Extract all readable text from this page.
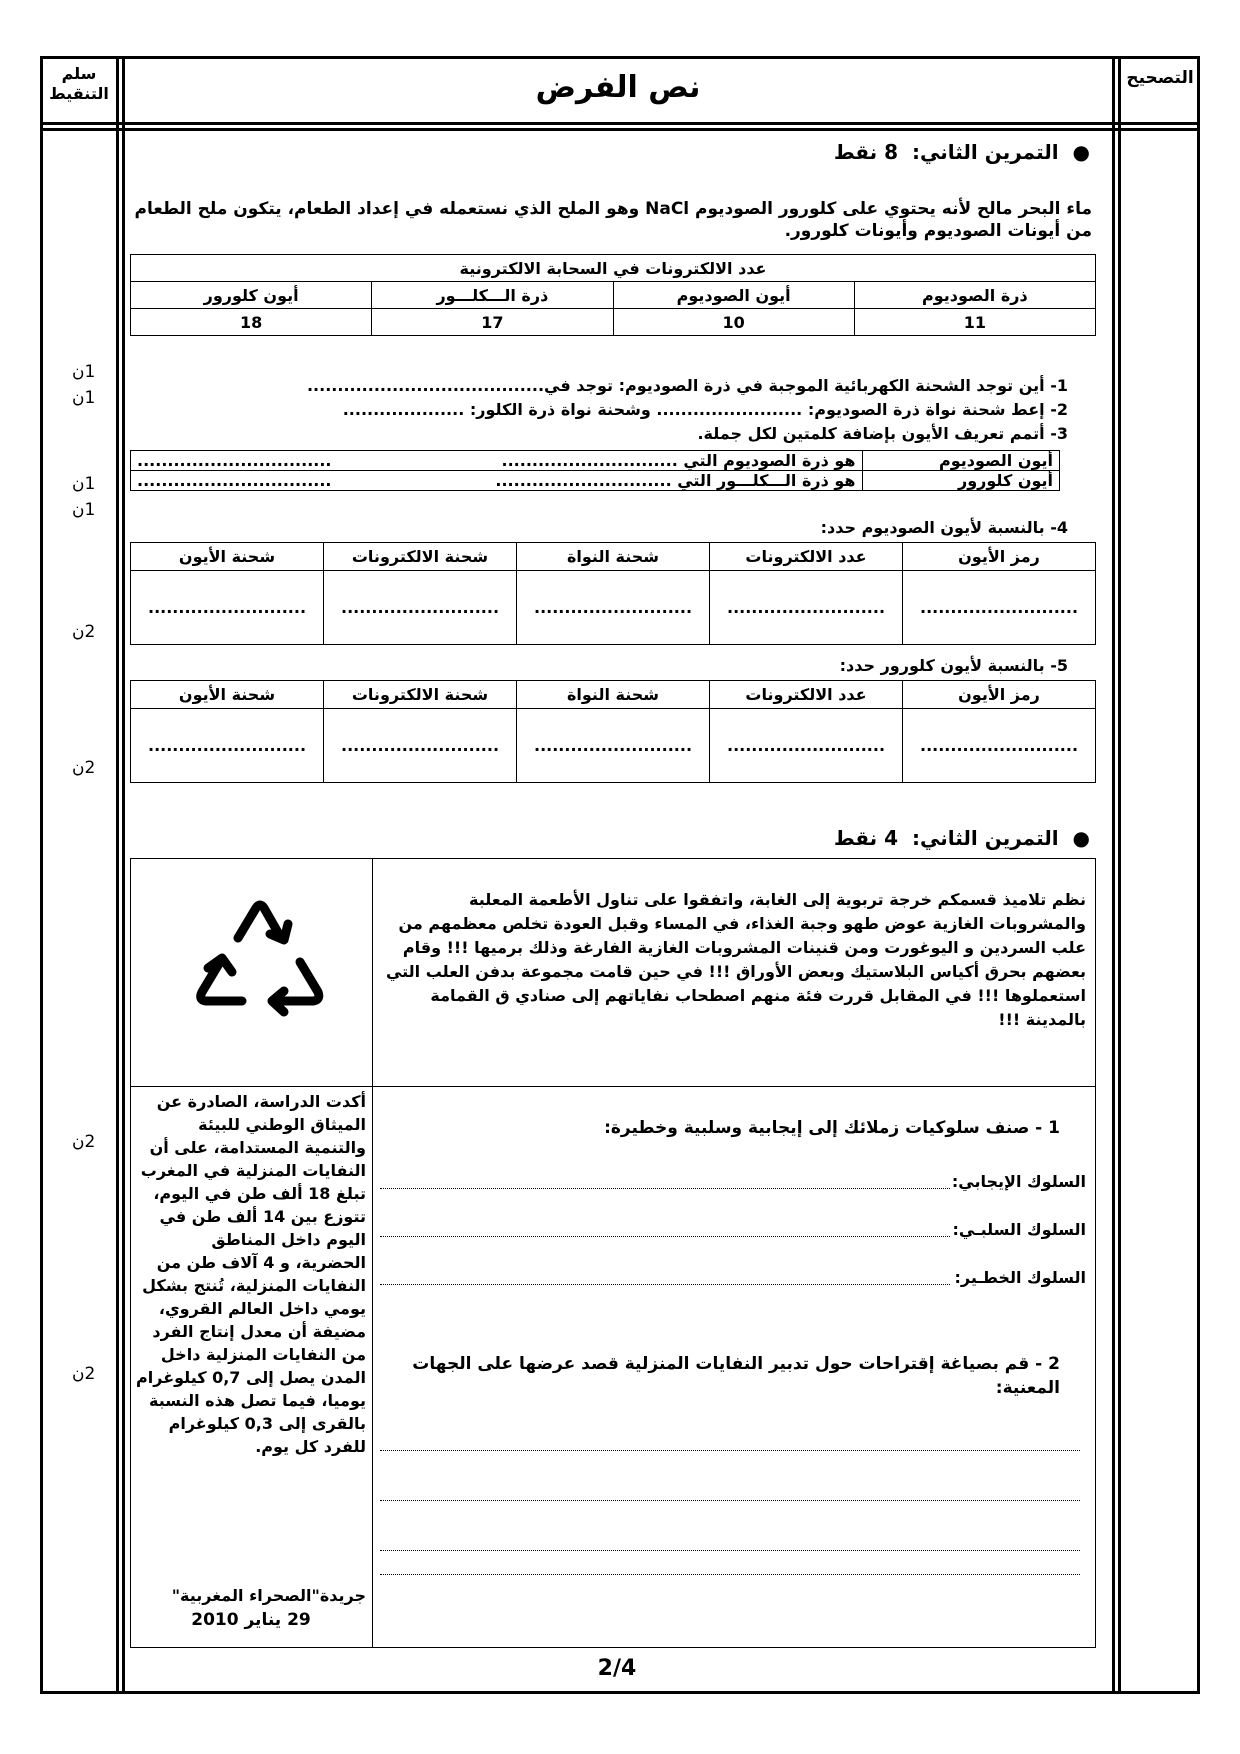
سلم التنقيط	نص الفرض	التصحيح
●  التمرين الثاني:  8 نقط
ماء البحر مالح لأنه يحتوي على كلورور الصوديوم NaCl وهو الملح الذي نستعمله في إعداد الطعام، يتكون ملح الطعام من أيونات الصوديوم وأيونات كلورور.
عدد الالكترونات في السحابة الالكترونية			
أيون كلورور	ذرة الـــكلـــور	أيون الصوديوم	ذرة الصوديوم
18	17	10	11
1ن
1ن
1ن
1ن
2ن
2ن
1- أين توجد الشحنة الكهربائية الموجبة في ذرة الصوديوم: توجد في.......................................
2- إعط شحنة نواة ذرة الصوديوم: ........................ وشحنة نواة ذرة الكلور: ....................
3- أتمم تعريف الأيون بإضافة كلمتين لكل جملة.
................................	هو ذرة الصوديوم التي .............................	أيون الصوديوم
................................	هو ذرة الـــكلـــور التي .............................	أيون كلورور
4- بالنسبة لأيون الصوديوم حدد:
شحنة الأيون	شحنة الالكترونات	شحنة النواة	عدد الالكترونات	رمز الأيون
..........................	..........................	..........................	..........................	..........................
5- بالنسبة لأيون كلورور حدد:
شحنة الأيون	شحنة الالكترونات	شحنة النواة	عدد الالكترونات	رمز الأيون
..........................	..........................	..........................	..........................	..........................
●  التمرين الثاني:  4 نقط
نظم تلاميذ قسمكم خرجة تربوية إلى الغابة، واتفقوا على تناول الأطعمة المعلبة والمشروبات الغازية عوض طهو وجبة الغذاء، في المساء وقبل العودة تخلص معظمهم من علب السردين و اليوغورت ومن قنينات المشروبات الغازية الفارغة وذلك برميها !!! وقام بعضهم بحرق أكياس البلاستيك وبعض الأوراق !!! في حين قامت مجموعة بدفن العلب التي استعملوها !!! في المقابل قررت فئة منهم اصطحاب نفاياتهم إلى صنادي ق القمامة بالمدينة !!!
أكدت الدراسة، الصادرة عن الميثاق الوطني للبيئة والتنمية المستدامة، على أن النفايات المنزلية في المغرب تبلغ 18 ألف طن في اليوم، تتوزع بين 14 ألف طن في اليوم داخل المناطق الحضرية، و 4 آلاف طن من النفايات المنزلية، تُنتج بشكل يومي داخل العالم القروي، مضيفة أن معدل إنتاج الفرد من النفايات المنزلية داخل المدن يصل إلى 0,7 كيلوغرام يوميا، فيما تصل هذه النسبة بالقرى إلى 0,3 كيلوغرام للفرد كل يوم.
جريدة"الصحراء المغربية"
29 يناير 2010
2ن
2ن
1 - صنف سلوكيات زملائك إلى إيجابية وسلبية وخطيرة:
السلوك الإيجابي:
السلوك السلبـي:
السلوك الخطـير:
2 - قم بصياغة إقتراحات حول تدبير النفايات المنزلية قصد عرضها على الجهات المعنية:
2/4
